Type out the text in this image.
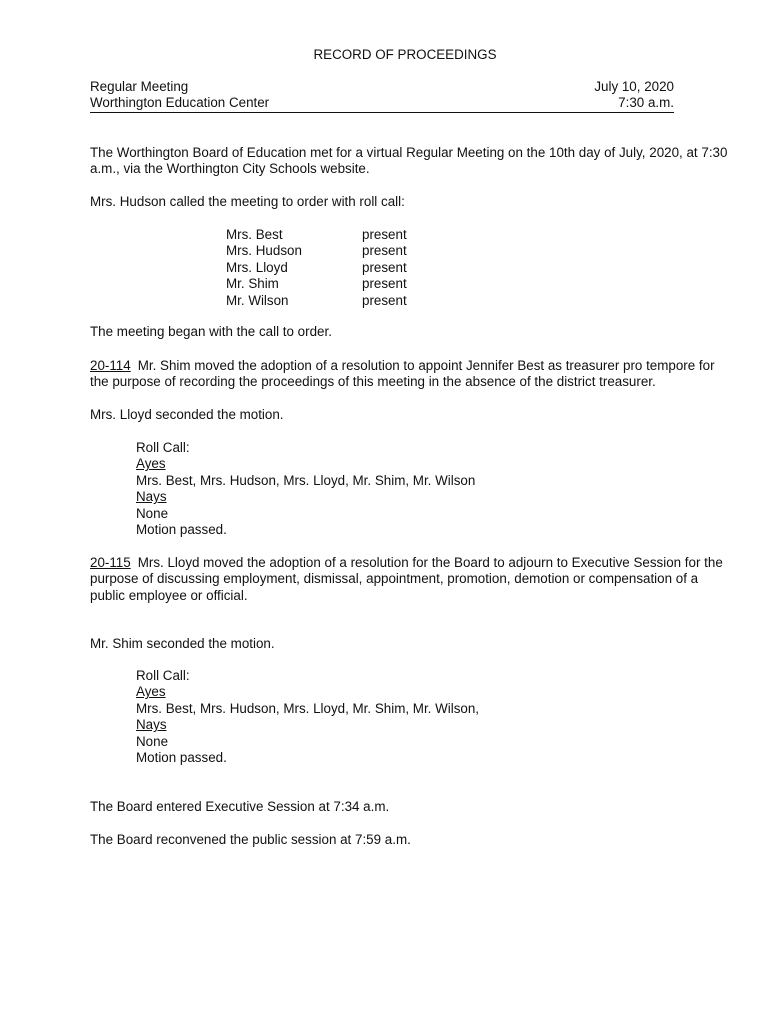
RECORD OF PROCEEDINGS
Regular Meeting	July 10, 2020
Worthington Education Center	7:30 a.m.
The Worthington Board of Education met for a virtual Regular Meeting on the 10th day of July, 2020, at 7:30 a.m., via the Worthington City Schools website.
Mrs. Hudson called the meeting to order with roll call:
Mrs. Best	present
Mrs. Hudson	present
Mrs. Lloyd	present
Mr. Shim	present
Mr. Wilson	present
The meeting began with the call to order.
20-114 Mr. Shim moved the adoption of a resolution to appoint Jennifer Best as treasurer pro tempore for the purpose of recording the proceedings of this meeting in the absence of the district treasurer.
Mrs. Lloyd seconded the motion.
Roll Call:
Ayes
Mrs. Best, Mrs. Hudson, Mrs. Lloyd, Mr. Shim, Mr. Wilson
Nays
None
Motion passed.
20-115 Mrs. Lloyd moved the adoption of a resolution for the Board to adjourn to Executive Session for the purpose of discussing employment, dismissal, appointment, promotion, demotion or compensation of a public employee or official.
Mr. Shim seconded the motion.
Roll Call:
Ayes
Mrs. Best, Mrs. Hudson, Mrs. Lloyd, Mr. Shim, Mr. Wilson,
Nays
None
Motion passed.
The Board entered Executive Session at 7:34 a.m.
The Board reconvened the public session at 7:59 a.m.
